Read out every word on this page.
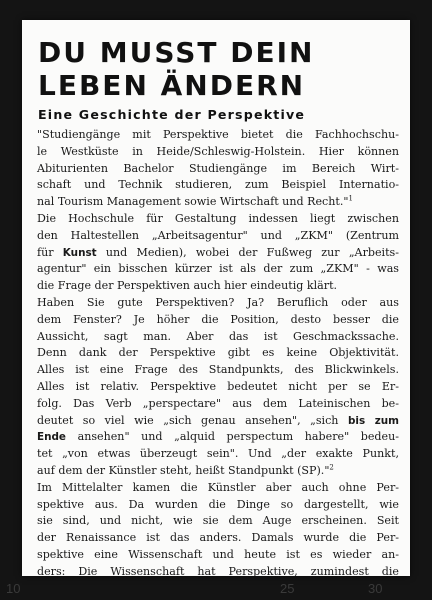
10	25	30
DU MUSST DEIN
LEBEN ÄNDERN
Eine Geschichte der Perspektive
"Studiengänge mit Perspektive bietet die Fachhochschu-
le Westküste in Heide/Schleswig-Holstein. Hier können
Abiturienten Bachelor Studiengänge im Bereich Wirt-
schaft und Technik studieren, zum Beispiel Internatio-
nal Tourism Management sowie Wirtschaft und Recht."$^1$
Die Hochschule für Gestaltung indessen liegt zwischen
den Haltestellen „Arbeitsagentur" und „ZKM" (Zentrum
für Kunst und Medien), wobei der Fußweg zur „Arbeits-
agentur" ein bisschen kürzer ist als der zum „ZKM" - was
die Frage der Perspektiven auch hier eindeutig klärt.
Haben Sie gute Perspektiven? Ja? Beruflich oder aus
dem Fenster? Je höher die Position, desto besser die
Aussicht, sagt man. Aber das ist Geschmackssache.
Denn dank der Perspektive gibt es keine Objektivität.
Alles ist eine Frage des Standpunkts, des Blickwinkels.
Alles ist relativ. Perspektive bedeutet nicht per se Er-
folg. Das Verb „perspectare" aus dem Lateinischen be-
deutet so viel wie „sich genau ansehen", „sich bis zum
Ende ansehen" und „alquid perspectum habere" bedeu-
tet „von etwas überzeugt sein". Und „der exakte Punkt,
auf dem der Künstler steht, heißt Standpunkt (SP)."$^2$
Im Mittelalter kamen die Künstler aber auch ohne Per-
spektive aus. Da wurden die Dinge so dargestellt, wie
sie sind, und nicht, wie sie dem Auge erscheinen. Seit
der Renaissance ist das anders. Damals wurde die Per-
spektive eine Wissenschaft und heute ist es wieder an-
ders: Die Wissenschaft hat Perspektive, zumindest die
